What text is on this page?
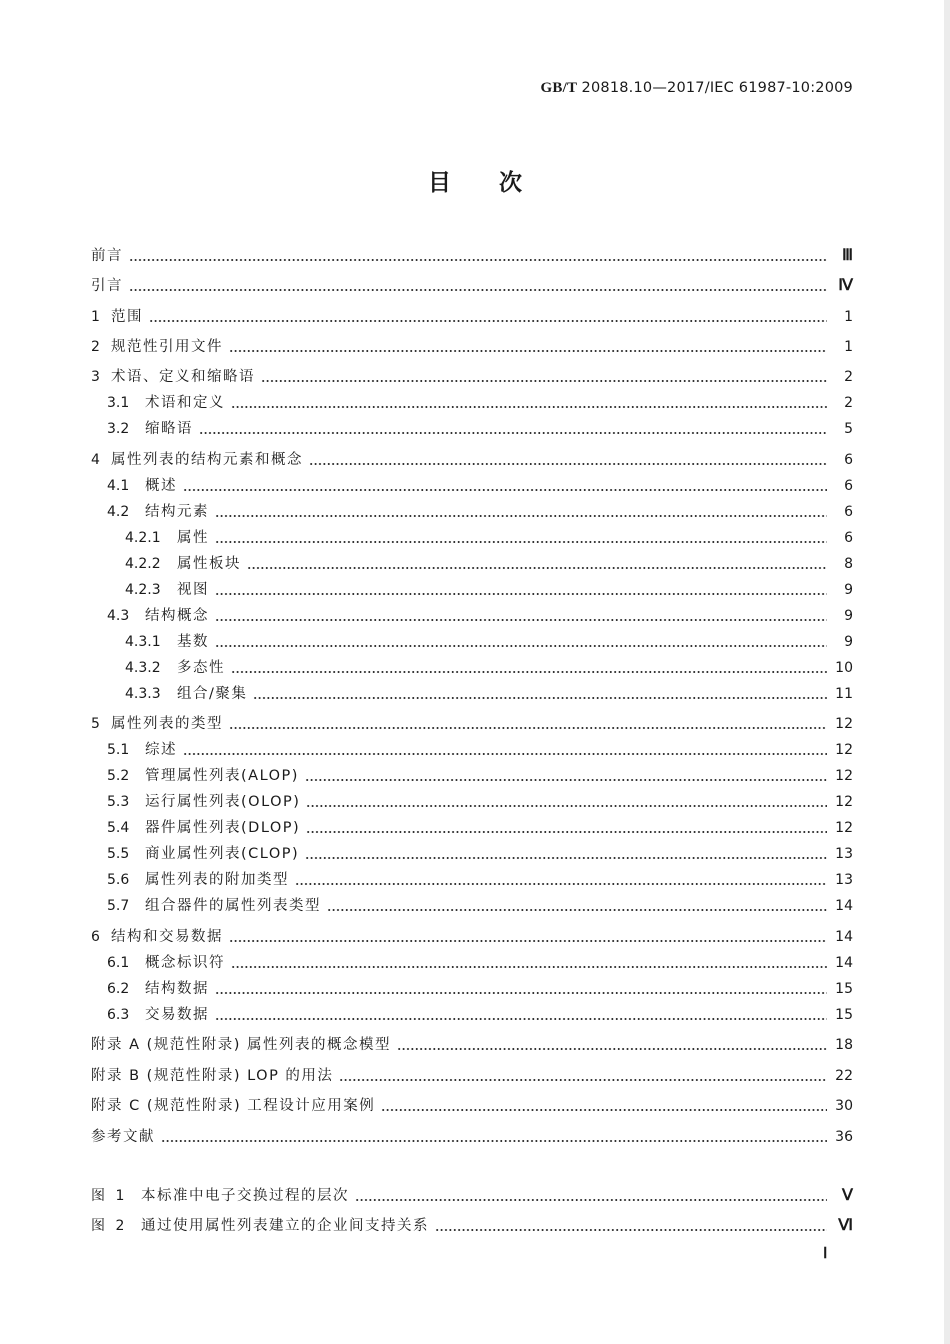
GB/T 20818.10—2017/IEC 61987-10:2009
目次
前言	Ⅲ
引言	Ⅳ
1 范围	1
2 规范性引用文件	1
3 术语、定义和缩略语	2
3.1	术语和定义	2
3.2	缩略语	5
4 属性列表的结构元素和概念	6
4.1	概述	6
4.2	结构元素	6
4.2.1	属性	6
4.2.2	属性板块	8
4.2.3	视图	9
4.3	结构概念	9
4.3.1	基数	9
4.3.2	多态性	10
4.3.3	组合/聚集	11
5 属性列表的类型	12
5.1	综述	12
5.2	管理属性列表(ALOP)	12
5.3	运行属性列表(OLOP)	12
5.4	器件属性列表(DLOP)	12
5.5	商业属性列表(CLOP)	13
5.6	属性列表的附加类型	13
5.7	组合器件的属性列表类型	14
6 结构和交易数据	14
6.1	概念标识符	14
6.2	结构数据	15
6.3	交易数据	15
附录 A (规范性附录) 属性列表的概念模型	18
附录 B (规范性附录) LOP 的用法	22
附录 C (规范性附录) 工程设计应用案例	30
参考文献	36
图 1 本标准中电子交换过程的层次	Ⅴ
图 2 通过使用属性列表建立的企业间支持关系	Ⅵ
Ⅰ
